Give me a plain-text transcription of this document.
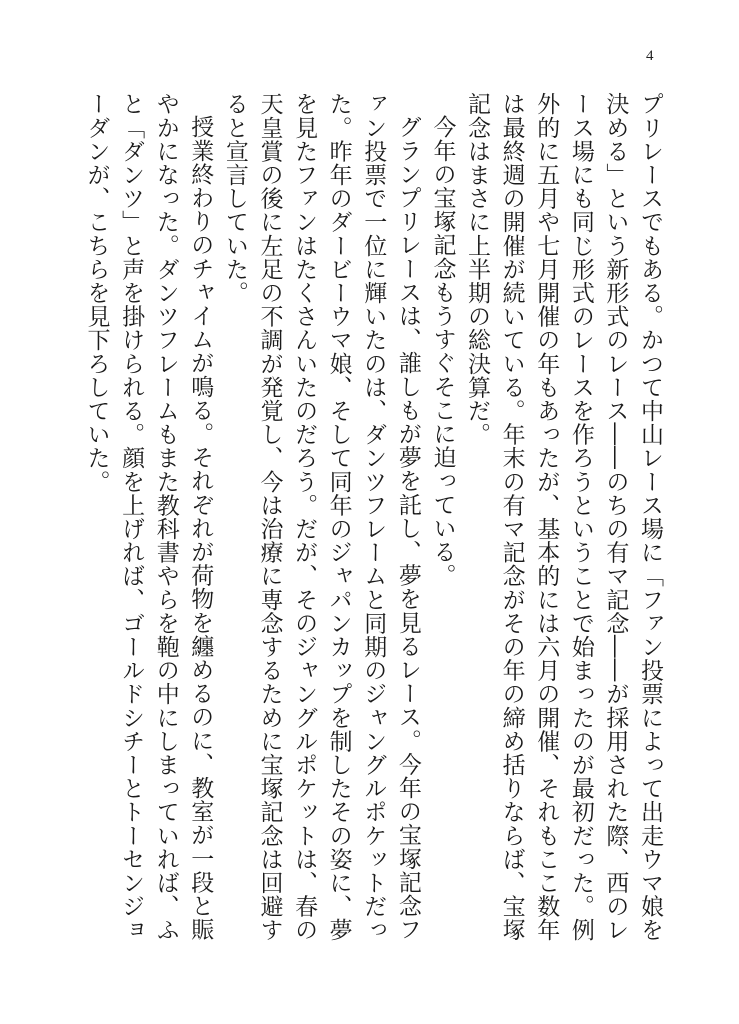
4

プリレースでもある。かつて中山レース場に「ファン投票によって出走ウマ娘を決める」という新形式のレース――のちの有マ記念――が採用された際、西のレース場にも同じ形式のレースを作ろうということで始まったのが最初だった。例外的に五月や七月開催の年もあったが、基本的には六月の開催、それもここ数年は最終週の開催が続いている。年末の有マ記念がその年の締め括りならば、宝塚記念はまさに上半期の総決算だ。

今年の宝塚記念もうすぐそこに迫っている。

グランプリレースは、誰しもが夢を託し、夢を見るレース。今年の宝塚記念ファン投票で一位に輝いたのは、ダンツフレームと同期のジャングルポケットだった。昨年のダービーウマ娘、そして同年のジャパンカップを制したその姿に、夢を見たファンはたくさんいたのだろう。だが、そのジャングルポケットは、春の天皇賞の後に左足の不調が発覚し、今は治療に専念するために宝塚記念は回避すると宣言していた。

授業終わりのチャイムが鳴る。それぞれが荷物を纏めるのに、教室が一段と賑やかになった。ダンツフレームもまた教科書やらを鞄の中にしまっていれば、ふと「ダンツ」と声を掛けられる。顔を上げれば、ゴールドシチーとトーセンジョーダンが、こちらを見下ろしていた。
